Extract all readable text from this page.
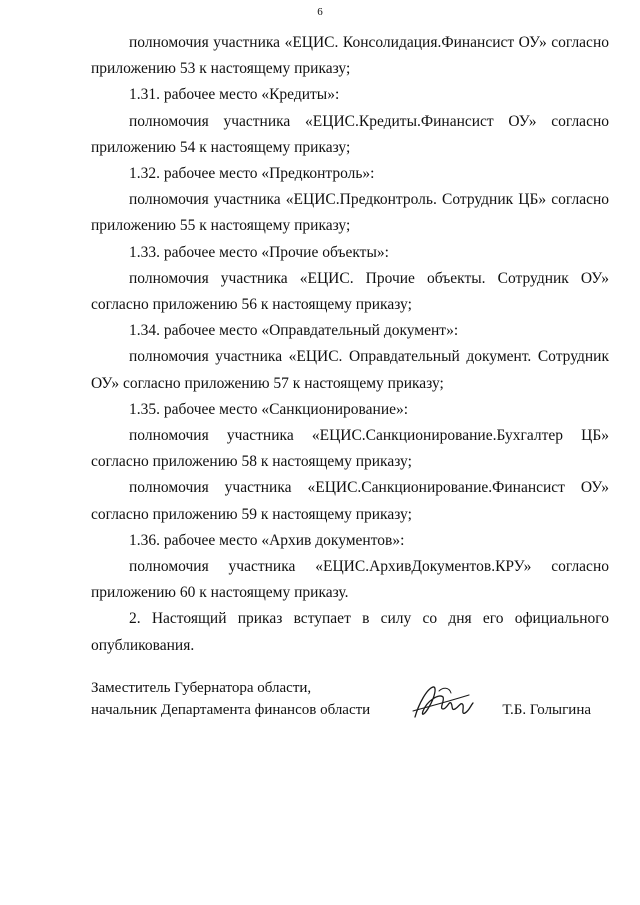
6

полномочия участника «ЕЦИС. Консолидация.Финансист ОУ» согласно приложению 53 к настоящему приказу;

1.31. рабочее место «Кредиты»:

полномочия участника «ЕЦИС.Кредиты.Финансист ОУ» согласно приложению 54 к настоящему приказу;

1.32. рабочее место «Предконтроль»:

полномочия участника «ЕЦИС.Предконтроль. Сотрудник ЦБ» согласно приложению 55 к настоящему приказу;

1.33. рабочее место «Прочие объекты»:

полномочия участника «ЕЦИС. Прочие объекты. Сотрудник ОУ» согласно приложению 56 к настоящему приказу;

1.34. рабочее место «Оправдательный документ»:

полномочия участника «ЕЦИС. Оправдательный документ. Сотрудник ОУ» согласно приложению 57 к настоящему приказу;

1.35. рабочее место «Санкционирование»:

полномочия участника «ЕЦИС.Санкционирование.Бухгалтер ЦБ» согласно приложению 58 к настоящему приказу;

полномочия участника «ЕЦИС.Санкционирование.Финансист ОУ» согласно приложению 59 к настоящему приказу;

1.36. рабочее место «Архив документов»:

полномочия участника «ЕЦИС.АрхивДокументов.КРУ» согласно приложению 60 к настоящему приказу.

2. Настоящий приказ вступает в силу со дня его официального опубликования.

Заместитель Губернатора области,
начальник Департамента финансов области	Т.Б. Голыгина
